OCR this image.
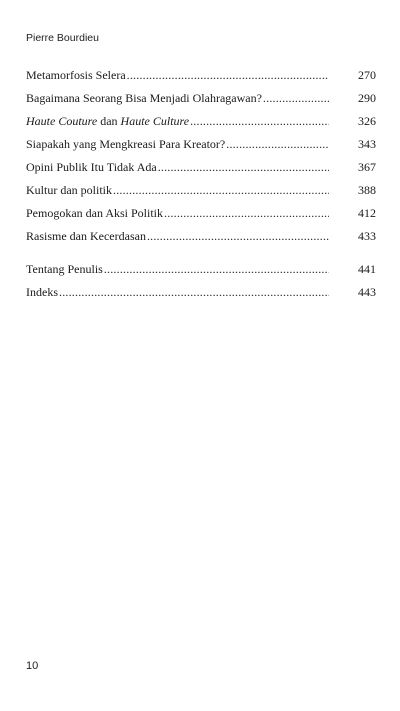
Pierre Bourdieu
Metamorfosis Selera .....	270
Bagaimana Seorang Bisa Menjadi Olahragawan? .....	290
Haute Couture dan Haute Culture .....	326
Siapakah yang Mengkreasi Para Kreator? .....	343
Opini Publik Itu Tidak Ada .....	367
Kultur dan politik .....	388
Pemogokan dan Aksi Politik .....	412
Rasisme dan Kecerdasan .....	433
Tentang Penulis .....	441
Indeks .....	443
10
